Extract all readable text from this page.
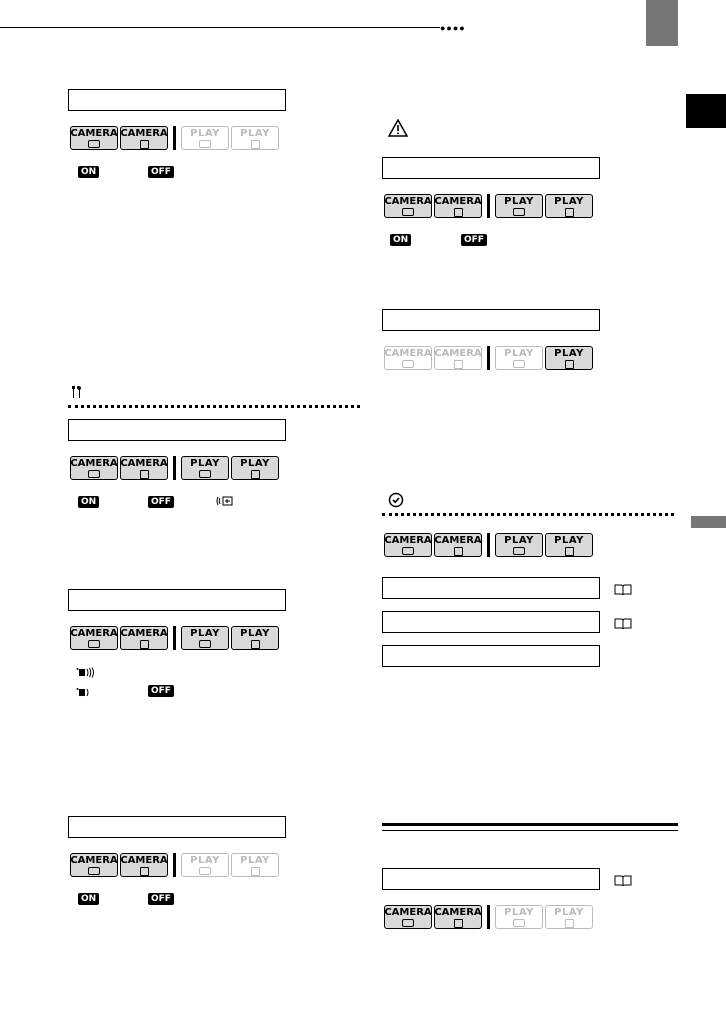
●●●●
CAMERA CAMERA PLAY PLAY
ON	OFF
CAMERA CAMERA PLAY PLAY
ON	OFF
CAMERA CAMERA PLAY PLAY
OFF
CAMERA CAMERA PLAY PLAY
ON	OFF
CAMERA CAMERA PLAY PLAY
ON	OFF
CAMERA CAMERA PLAY PLAY
CAMERA CAMERA PLAY PLAY
CAMERA CAMERA PLAY PLAY
